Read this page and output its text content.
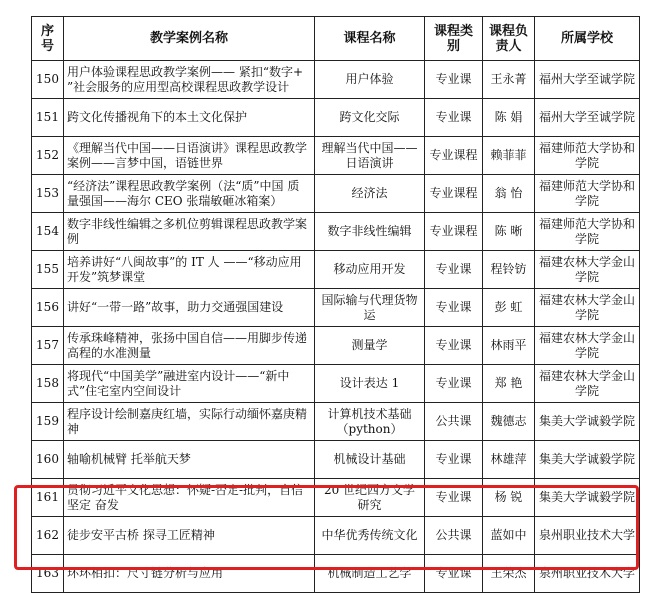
序号	教学案例名称	课程名称	课程类别	课程负责人	所属学校
150	用户体验课程思政教学案例—— 紧扣“数字+ ”社会服务的应用型高校课程思政教学设计	用户体验	专业课	王永菁	福州大学至诚学院
151	跨文化传播视角下的本土文化保护	跨文化交际	专业课	陈 娟	福州大学至诚学院
152	《理解当代中国——日语演讲》课程思政教学案例——言梦中国，语链世界	理解当代中国——日语演讲	专业课程	赖菲菲	福建师范大学协和学院
153	“经济法”课程思政教学案例（法“质”中国 质量强国——海尔 CEO 张瑞敏砸冰箱案）	经济法	专业课程	翁 怡	福建师范大学协和学院
154	数字非线性编辑之多机位剪辑课程思政教学案例	数字非线性编辑	专业课程	陈 晰	福建师范大学协和学院
155	培养讲好“八闽故事”的 IT 人 ——“移动应用开发”筑梦课堂	移动应用开发	专业课	程铃钫	福建农林大学金山学院
156	讲好“一带一路”故事，助力交通强国建设	国际输与代理货物运	专业课	彭 虹	福建农林大学金山学院
157	传承珠峰精神，张扬中国自信——用脚步传递高程的水准测量	测量学	专业课	林雨平	福建农林大学金山学院
158	将现代“中国美学”融进室内设计——“新中式”住宅室内空间设计	设计表达 1	专业课	郑 艳	福建农林大学金山学院
159	程序设计绘制嘉庚红墙，实际行动缅怀嘉庚精神	计算机技术基础（python）	公共课	魏德志	集美大学诚毅学院
160	轴喻机械臂 托举航天梦	机械设计基础	专业课	林雄萍	集美大学诚毅学院
161	贯彻习近平文化思想：怀疑-否定-批判，自信 坚定 奋发	20 世纪西方文学研究	专业课	杨 锐	集美大学诚毅学院
162	徒步安平古桥 探寻工匠精神	中华优秀传统文化	公共课	蓝如中	泉州职业技术大学
163	环环相扣：尺寸链分析与应用	机械制造工艺学	专业课	王荣杰	泉州职业技术大学
